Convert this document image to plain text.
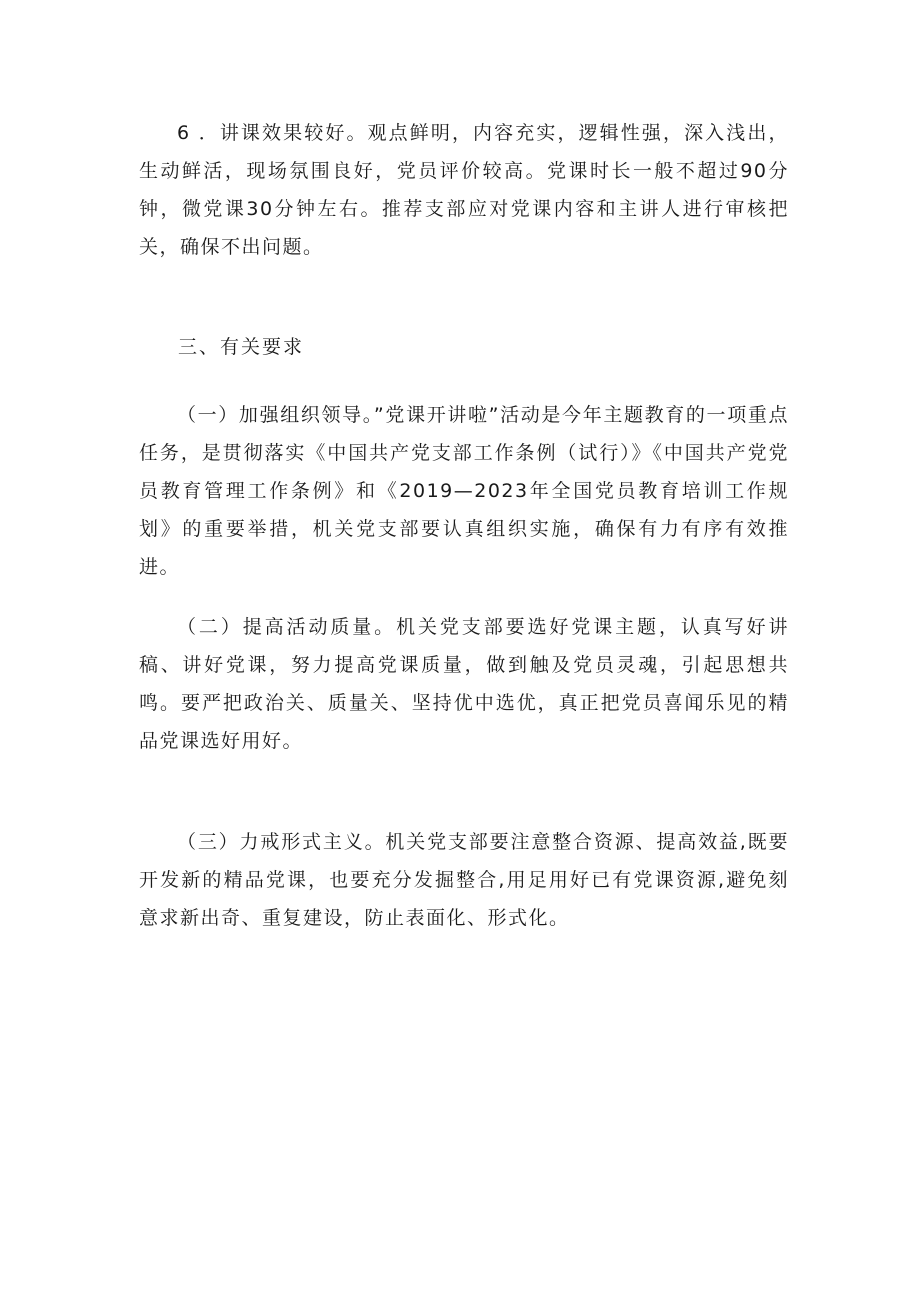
6 ．讲课效果较好。观点鲜明，内容充实，逻辑性强，深入浅出，生动鲜活，现场氛围良好，党员评价较高。党课时长一般不超过90分钟，微党课30分钟左右。推荐支部应对党课内容和主讲人进行审核把关，确保不出问题。

三、有关要求

（一）加强组织领导。”党课开讲啦”活动是今年主题教育的一项重点任务，是贯彻落实《中国共产党支部工作条例（试行）》《中国共产党党员教育管理工作条例》和《2019—2023年全国党员教育培训工作规划》的重要举措，机关党支部要认真组织实施，确保有力有序有效推进。

（二）提高活动质量。机关党支部要选好党课主题，认真写好讲稿、讲好党课，努力提高党课质量，做到触及党员灵魂，引起思想共鸣。要严把政治关、质量关、坚持优中选优，真正把党员喜闻乐见的精品党课选好用好。

（三）力戒形式主义。机关党支部要注意整合资源、提高效益,既要开发新的精品党课，也要充分发掘整合,用足用好已有党课资源,避免刻意求新出奇、重复建设，防止表面化、形式化。
